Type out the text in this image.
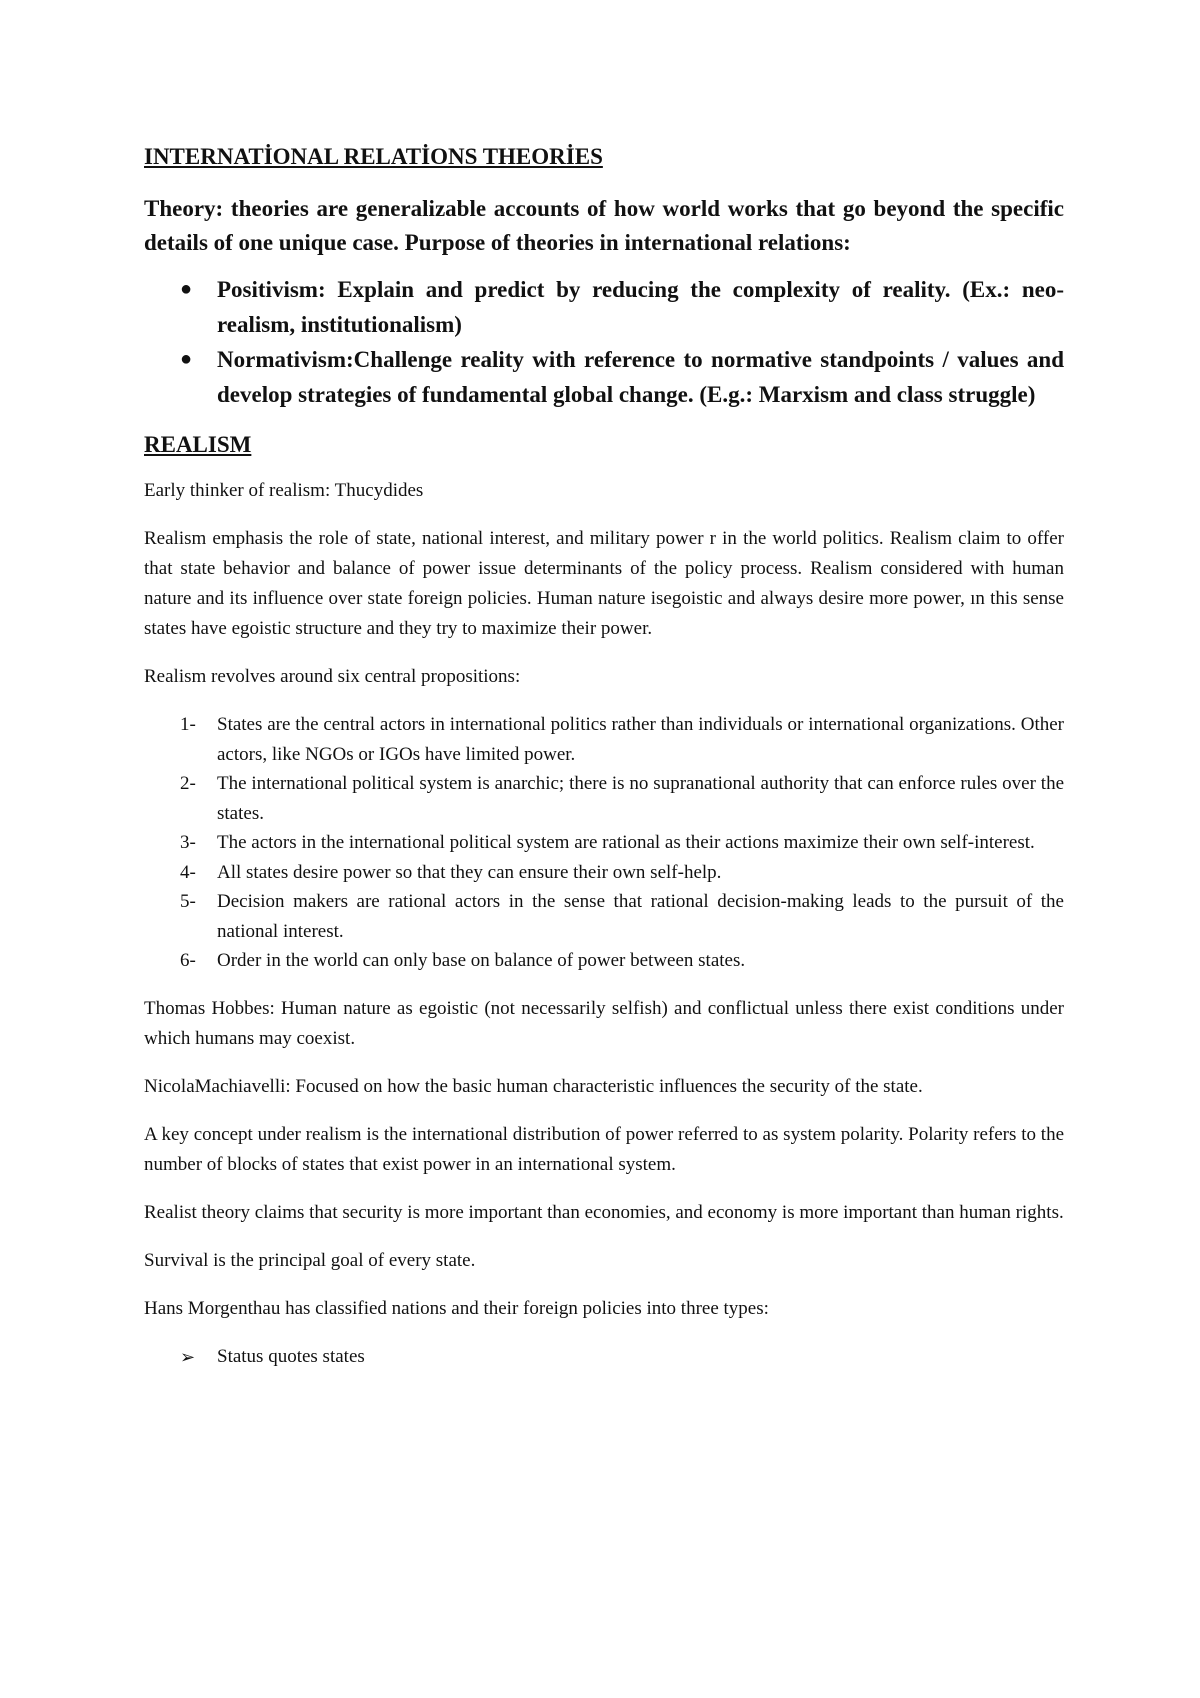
INTERNATİONAL RELATİONS THEORİES

Theory: theories are generalizable accounts of how world works that go beyond the specific details of one unique case. Purpose of theories in international relations:

● Positivism: Explain and predict by reducing the complexity of reality. (Ex.: neo-realism, institutionalism)
● Normativism:Challenge reality with reference to normative standpoints / values and develop strategies of fundamental global change. (E.g.: Marxism and class struggle)
REALISM

Early thinker of realism: Thucydides

Realism emphasis the role of state, national interest, and military power r in the world politics. Realism claim to offer that state behavior and balance of power issue determinants of the policy process. Realism considered with human nature and its influence over state foreign policies. Human nature isegoistic and always desire more power, ın this sense states have egoistic structure and they try to maximize their power.

Realism revolves around six central propositions:

1- States are the central actors in international politics rather than individuals or international organizations. Other actors, like NGOs or IGOs have limited power.
2- The international political system is anarchic; there is no supranational authority that can enforce rules over the states.
3- The actors in the international political system are rational as their actions maximize their own self-interest.
4- All states desire power so that they can ensure their own self-help.
5- Decision makers are rational actors in the sense that rational decision-making leads to the pursuit of the national interest.
6- Order in the world can only base on balance of power between states.

Thomas Hobbes: Human nature as egoistic (not necessarily selfish) and conflictual unless there exist conditions under which humans may coexist.

NicolaMachiavelli: Focused on how the basic human characteristic influences the security of the state.

A key concept under realism is the international distribution of power referred to as system polarity. Polarity refers to the number of blocks of states that exist power in an international system.

Realist theory claims that security is more important than economies, and economy is more important than human rights.

Survival is the principal goal of every state.

Hans Morgenthau has classified nations and their foreign policies into three types:

➢ Status quotes states
